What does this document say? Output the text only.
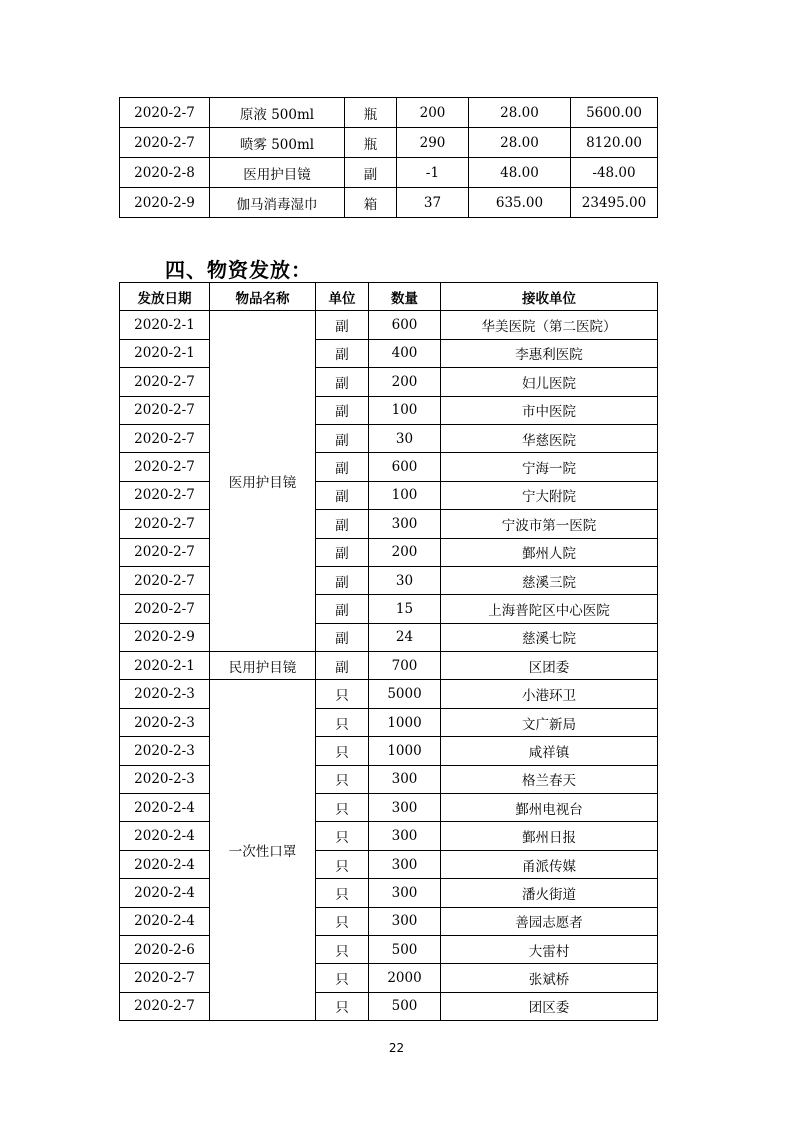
2020-2-7	原液 500ml	瓶	200	28.00	5600.00
2020-2-7	喷雾 500ml	瓶	290	28.00	8120.00
2020-2-8	医用护目镜	副	-1	48.00	-48.00
2020-2-9	伽马消毒湿巾	箱	37	635.00	23495.00
四、物资发放：
发放日期	物品名称	单位	数量	接收单位
2020-2-1	医用护目镜	副	600	华美医院（第二医院）
2020-2-1		副	400	李惠利医院
2020-2-7		副	200	妇儿医院
2020-2-7		副	100	市中医院
2020-2-7		副	30	华慈医院
2020-2-7		副	600	宁海一院
2020-2-7		副	100	宁大附院
2020-2-7		副	300	宁波市第一医院
2020-2-7		副	200	鄞州人院
2020-2-7		副	30	慈溪三院
2020-2-7		副	15	上海普陀区中心医院
2020-2-9		副	24	慈溪七院
2020-2-1	民用护目镜	副	700	区团委
2020-2-3	一次性口罩	只	5000	小港环卫
2020-2-3		只	1000	文广新局
2020-2-3		只	1000	咸祥镇
2020-2-3		只	300	格兰春天
2020-2-4		只	300	鄞州电视台
2020-2-4		只	300	鄞州日报
2020-2-4		只	300	甬派传媒
2020-2-4		只	300	潘火街道
2020-2-4		只	300	善园志愿者
2020-2-6		只	500	大雷村
2020-2-7		只	2000	张斌桥
2020-2-7		只	500	团区委
22
